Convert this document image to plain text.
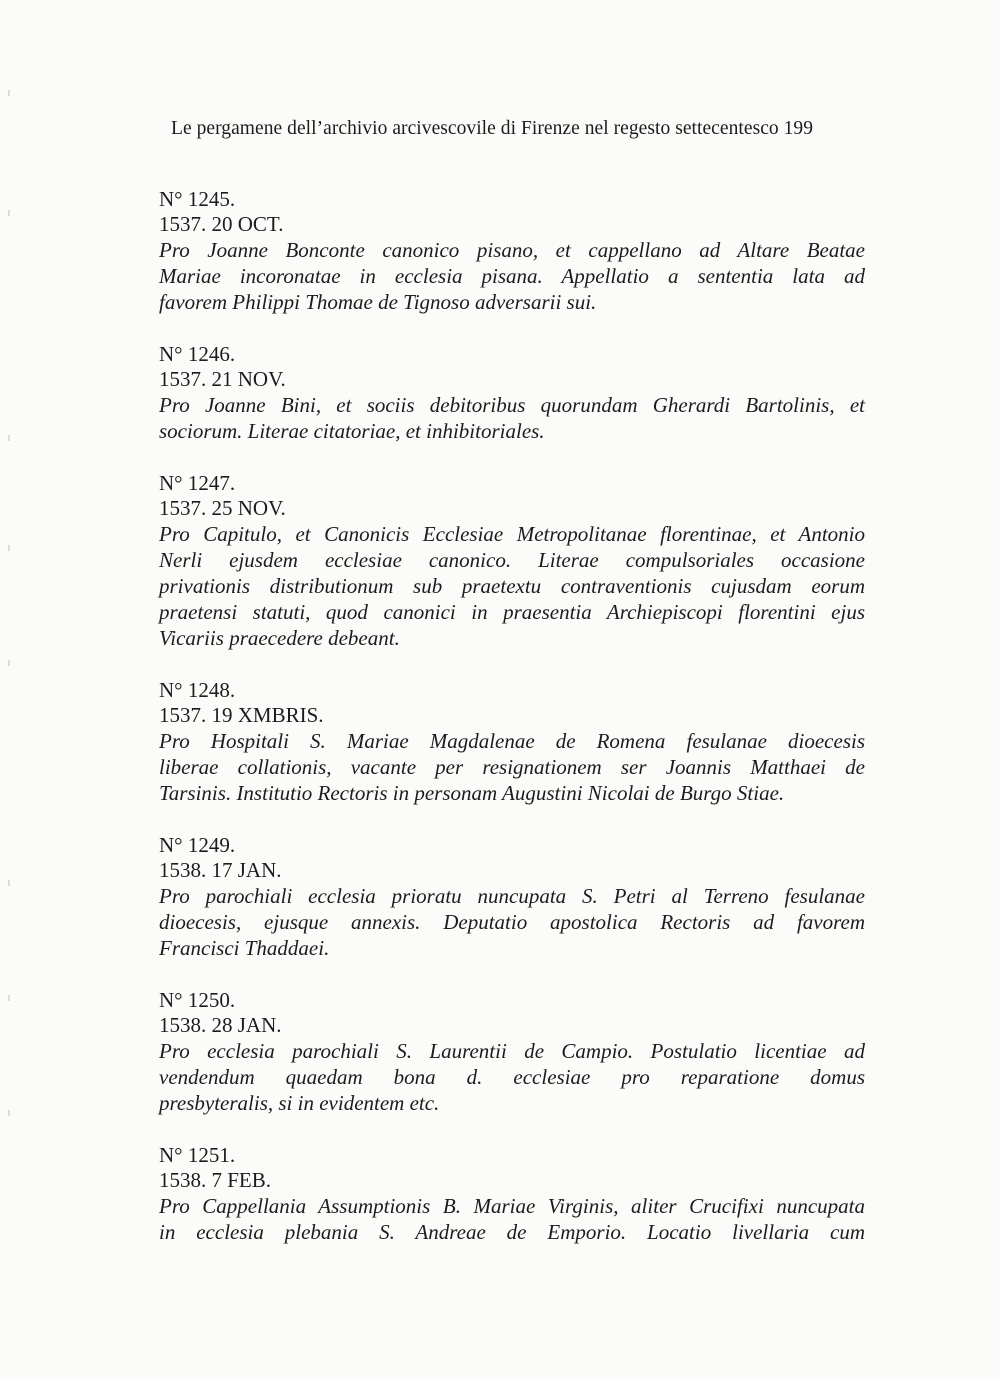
Le pergamene dell’archivio arcivescovile di Firenze nel regesto settecentesco 199
N° 1245.
1537. 20 OCT.

Pro Joanne Bonconte canonico pisano, et cappellano ad Altare Beatae
Mariae incoronatae in ecclesia pisana. Appellatio a sententia lata ad
favorem Philippi Thomae de Tignoso adversarii sui.

N° 1246.
1537. 21 NOV.

Pro Joanne Bini, et sociis debitoribus quorundam Gherardi Bartolinis, et
sociorum. Literae citatoriae, et inhibitoriales.

N° 1247.
1537. 25 NOV.

Pro Capitulo, et Canonicis Ecclesiae Metropolitanae florentinae, et Antonio
Nerli ejusdem ecclesiae canonico. Literae compulsoriales occasione
privationis distributionum sub praetextu contraventionis cujusdam eorum
praetensi statuti, quod canonici in praesentia Archiepiscopi florentini ejus
Vicariis praecedere debeant.

N° 1248.
1537. 19 XMBRIS.

Pro Hospitali S. Mariae Magdalenae de Romena fesulanae dioecesis
liberae collationis, vacante per resignationem ser Joannis Matthaei de
Tarsinis. Institutio Rectoris in personam Augustini Nicolai de Burgo Stiae.

N° 1249.
1538. 17 JAN.

Pro parochiali ecclesia prioratu nuncupata S. Petri al Terreno fesulanae
dioecesis, ejusque annexis. Deputatio apostolica Rectoris ad favorem
Francisci Thaddaei.

N° 1250.
1538. 28 JAN.

Pro ecclesia parochiali S. Laurentii de Campio. Postulatio licentiae ad
vendendum quaedam bona d. ecclesiae pro reparatione domus
presbyteralis, si in evidentem etc.

N° 1251.
1538. 7 FEB.

Pro Cappellania Assumptionis B. Mariae Virginis, aliter Crucifixi nuncupata
in ecclesia plebania S. Andreae de Emporio. Locatio livellaria cum
